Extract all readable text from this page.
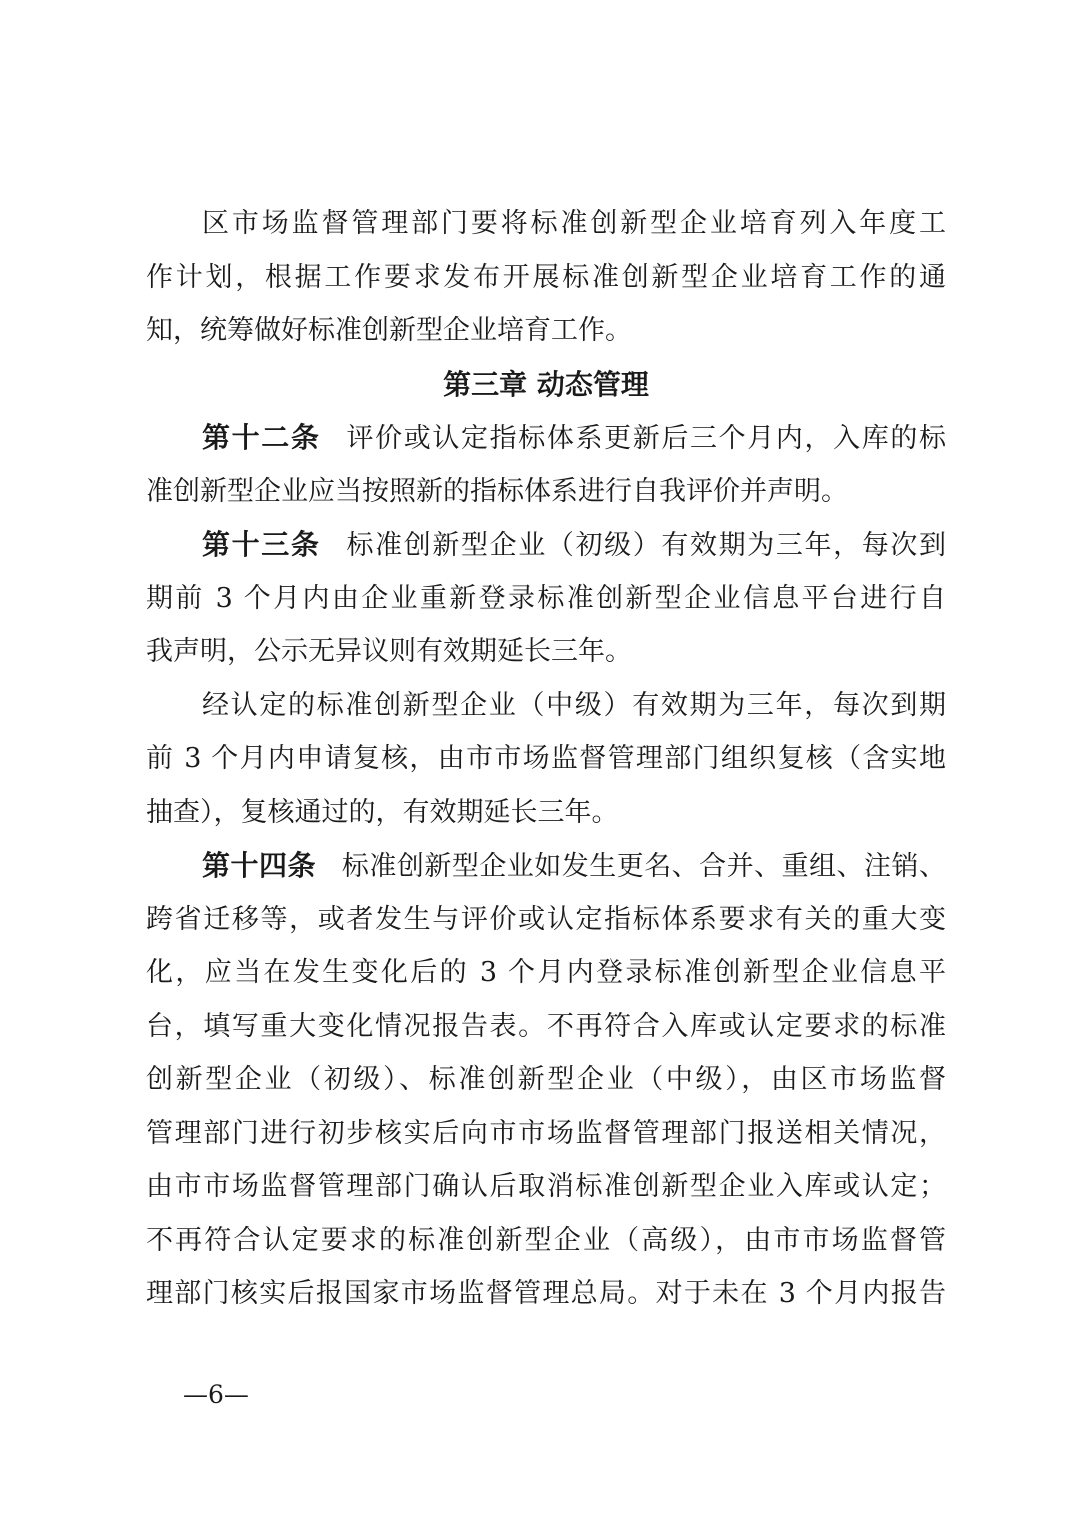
区市场监督管理部门要将标准创新型企业培育列入年度工
作计划，根据工作要求发布开展标准创新型企业培育工作的通
知，统筹做好标准创新型企业培育工作。
第三章 动态管理
第十二条 评价或认定指标体系更新后三个月内，入库的标
准创新型企业应当按照新的指标体系进行自我评价并声明。
第十三条 标准创新型企业（初级）有效期为三年，每次到
期前 3 个月内由企业重新登录标准创新型企业信息平台进行自
我声明，公示无异议则有效期延长三年。
经认定的标准创新型企业（中级）有效期为三年，每次到期
前 3 个月内申请复核，由市市场监督管理部门组织复核（含实地
抽查），复核通过的，有效期延长三年。
第十四条 标准创新型企业如发生更名、合并、重组、注销、
跨省迁移等，或者发生与评价或认定指标体系要求有关的重大变
化，应当在发生变化后的 3 个月内登录标准创新型企业信息平
台，填写重大变化情况报告表。不再符合入库或认定要求的标准
创新型企业（初级）、标准创新型企业（中级），由区市场监督
管理部门进行初步核实后向市市场监督管理部门报送相关情况，
由市市场监督管理部门确认后取消标准创新型企业入库或认定；
不再符合认定要求的标准创新型企业（高级），由市市场监督管
理部门核实后报国家市场监督管理总局。对于未在 3 个月内报告
—6—
